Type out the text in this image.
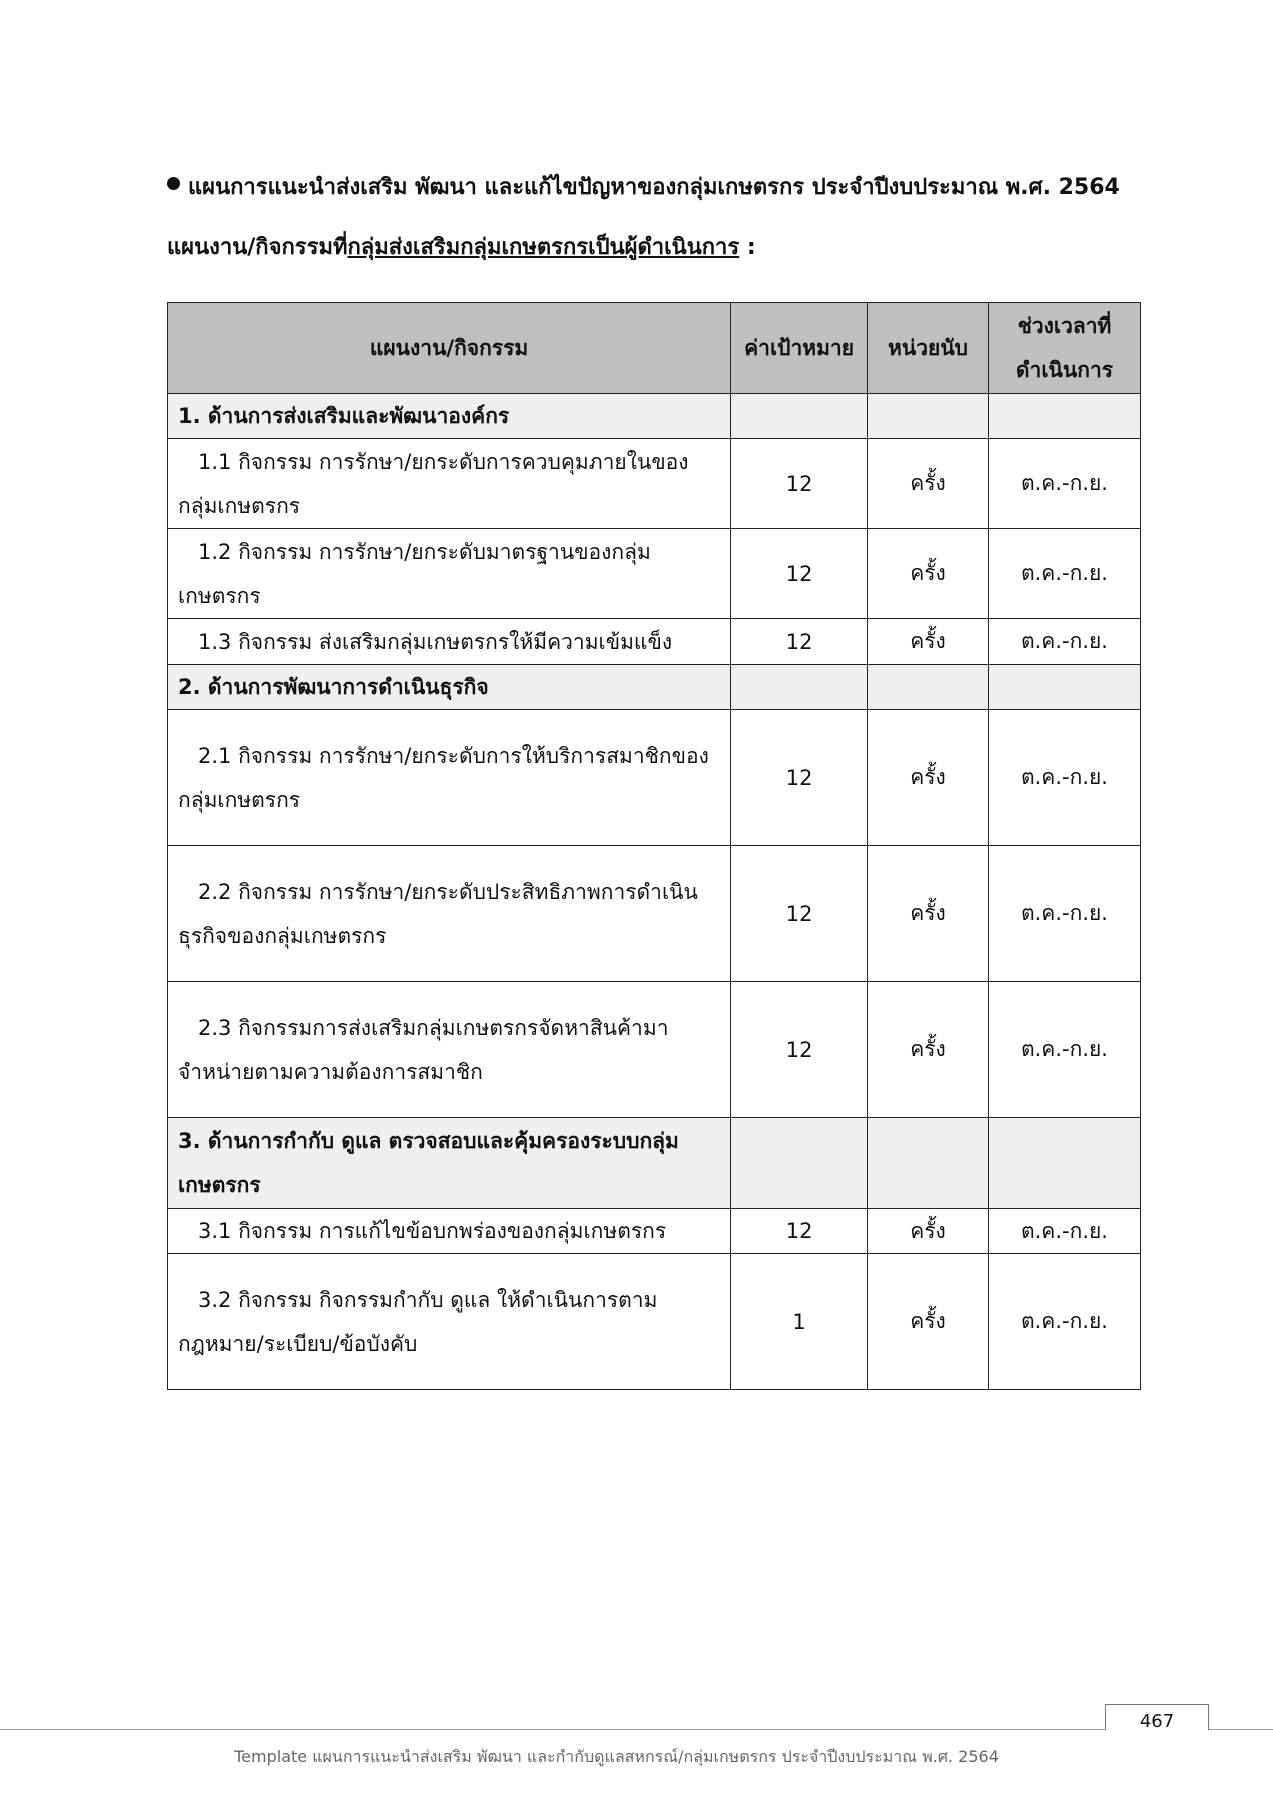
แผนการแนะนำส่งเสริม พัฒนา และแก้ไขปัญหาของกลุ่มเกษตรกร ประจำปีงบประมาณ พ.ศ. 2564
แผนงาน/กิจกรรมที่กลุ่มส่งเสริมกลุ่มเกษตรกรเป็นผู้ดำเนินการ :
แผนงาน/กิจกรรม	ค่าเป้าหมาย	หน่วยนับ	ช่วงเวลาที่
ดำเนินการ
1. ด้านการส่งเสริมและพัฒนาองค์กร			
1.1 กิจกรรม การรักษา/ยกระดับการควบคุมภายในของกลุ่มเกษตรกร	12	ครั้ง	ต.ค.-ก.ย.
1.2 กิจกรรม การรักษา/ยกระดับมาตรฐานของกลุ่มเกษตรกร	12	ครั้ง	ต.ค.-ก.ย.
1.3 กิจกรรม ส่งเสริมกลุ่มเกษตรกรให้มีความเข้มแข็ง	12	ครั้ง	ต.ค.-ก.ย.
2. ด้านการพัฒนาการดำเนินธุรกิจ			
2.1 กิจกรรม การรักษา/ยกระดับการให้บริการสมาชิกของกลุ่มเกษตรกร	12	ครั้ง	ต.ค.-ก.ย.
2.2 กิจกรรม การรักษา/ยกระดับประสิทธิภาพการดำเนินธุรกิจของกลุ่มเกษตรกร	12	ครั้ง	ต.ค.-ก.ย.
2.3 กิจกรรมการส่งเสริมกลุ่มเกษตรกรจัดหาสินค้ามาจำหน่ายตามความต้องการสมาชิก	12	ครั้ง	ต.ค.-ก.ย.
3. ด้านการกำกับ ดูแล ตรวจสอบและคุ้มครองระบบกลุ่มเกษตรกร			
3.1 กิจกรรม การแก้ไขข้อบกพร่องของกลุ่มเกษตรกร	12	ครั้ง	ต.ค.-ก.ย.
3.2 กิจกรรม กิจกรรมกำกับ ดูแล ให้ดำเนินการตามกฎหมาย/ระเบียบ/ข้อบังคับ	1	ครั้ง	ต.ค.-ก.ย.
467
Template แผนการแนะนำส่งเสริม พัฒนา และกำกับดูแลสหกรณ์/กลุ่มเกษตรกร ประจำปีงบประมาณ พ.ศ. 2564
